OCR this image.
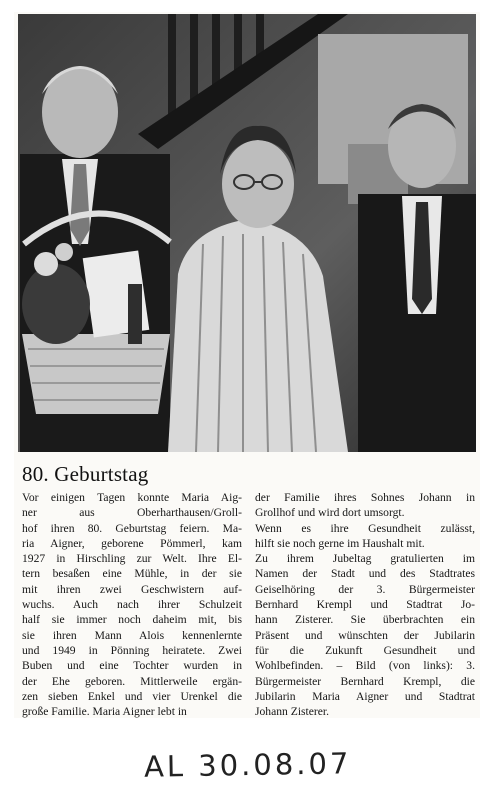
80. Geburtstag
Vor einigen Tagen konnte Maria Aig-
ner aus Oberharthausen/Groll-
hof ihren 80. Geburtstag feiern. Ma-
ria Aigner, geborene Pömmerl, kam
1927 in Hirschling zur Welt. Ihre El-
tern besaßen eine Mühle, in der sie
mit ihren zwei Geschwistern auf-
wuchs. Auch nach ihrer Schulzeit
half sie immer noch daheim mit, bis
sie ihren Mann Alois kennenlernte
und 1949 in Pönning heiratete. Zwei
Buben und eine Tochter wurden in
der Ehe geboren. Mittlerweile ergän-
zen sieben Enkel und vier Urenkel die
große Familie. Maria Aigner lebt in
der Familie ihres Sohnes Johann in
Grollhof und wird dort umsorgt.
Wenn es ihre Gesundheit zulässt,
hilft sie noch gerne im Haushalt mit.
Zu ihrem Jubeltag gratulierten im
Namen der Stadt und des Stadtrates
Geiselhöring der 3. Bürgermeister
Bernhard Krempl und Stadtrat Jo-
hann Zisterer. Sie überbrachten ein
Präsent und wünschten der Jubilarin
für die Zukunft Gesundheit und
Wohlbefinden. – Bild (von links): 3.
Bürgermeister Bernhard Krempl, die
Jubilarin Maria Aigner und Stadtrat
Johann Zisterer.
AL 30.08.07
